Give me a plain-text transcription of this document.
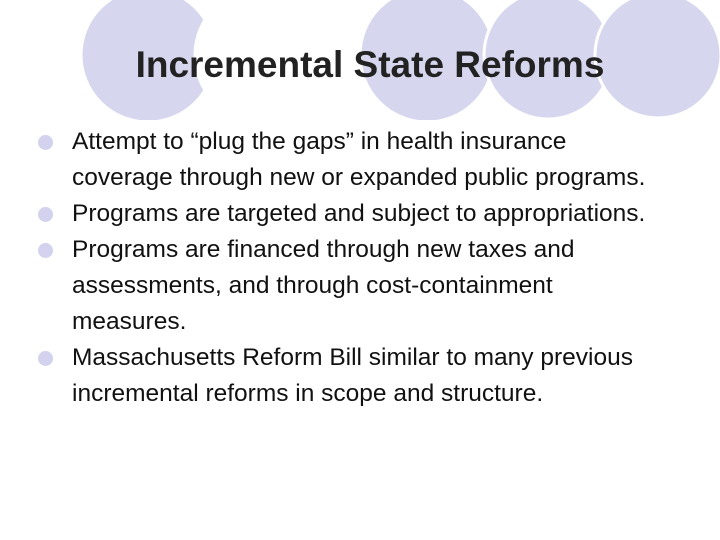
Incremental State Reforms
Attempt to “plug the gaps” in health insurance coverage through new or expanded public programs.
Programs are targeted and subject to appropriations.
Programs are financed through new taxes and assessments, and through cost-containment measures.
Massachusetts Reform Bill similar to many previous incremental reforms in scope and structure.
